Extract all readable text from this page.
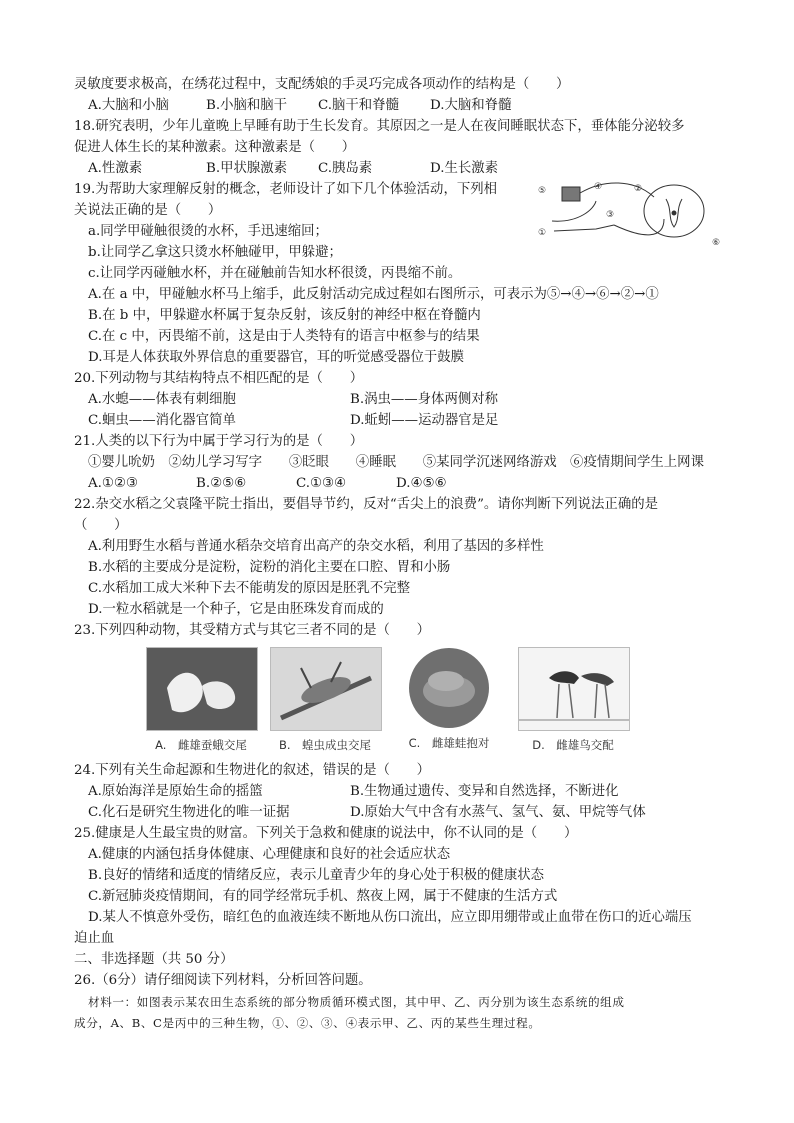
灵敏度要求极高，在绣花过程中，支配绣娘的手灵巧完成各项动作的结构是（　　）
A.大脑和小脑	B.小脑和脑干	C.脑干和脊髓	D.大脑和脊髓
18.研究表明，少年儿童晚上早睡有助于生长发育。其原因之一是人在夜间睡眠状态下，垂体能分泌较多
促进人体生长的某种激素。这种激素是（　　）
A.性激素	B.甲状腺激素	C.胰岛素	D.生长激素
⑤	④
③
②
①
⑥
19.为帮助大家理解反射的概念，老师设计了如下几个体验活动，下列相
关说法正确的是（　　）
a.同学甲碰触很烫的水杯，手迅速缩回；
b.让同学乙拿这只烫水杯触碰甲，甲躲避；
c.让同学丙碰触水杯，并在碰触前告知水杯很烫，丙畏缩不前。
A.在 a 中，甲碰触水杯马上缩手，此反射活动完成过程如右图所示，可表示为⑤→④→⑥→②→①
B.在 b 中，甲躲避水杯属于复杂反射，该反射的神经中枢在脊髓内
C.在 c 中，丙畏缩不前，这是由于人类特有的语言中枢参与的结果
D.耳是人体获取外界信息的重要器官，耳的听觉感受器位于鼓膜
20.下列动物与其结构特点不相匹配的是（　　）
A.水螅——体表有刺细胞	B.涡虫——身体两侧对称
C.蛔虫——消化器官简单	D.蚯蚓——运动器官是足
21.人类的以下行为中属于学习行为的是（　　）
①婴儿吮奶　②幼儿学习写字　　③眨眼　　④睡眠　　⑤某同学沉迷网络游戏　⑥疫情期间学生上网课
A.①②③	B.②⑤⑥	C.①③④	D.④⑤⑥
22.杂交水稻之父袁隆平院士指出，要倡导节约，反对“舌尖上的浪费”。请你判断下列说法正确的是
（　　）
A.利用野生水稻与普通水稻杂交培育出高产的杂交水稻，利用了基因的多样性
B.水稻的主要成分是淀粉，淀粉的消化主要在口腔、胃和小肠
C.水稻加工成大米种下去不能萌发的原因是胚乳不完整
D.一粒水稻就是一个种子，它是由胚珠发育而成的
23.下列四种动物，其受精方式与其它三者不同的是（　　）
A.　雌雄蚕蛾交尾	B.　蝗虫成虫交尾	C.　雌雄蛙抱对	D.　雌雄鸟交配
24.下列有关生命起源和生物进化的叙述，错误的是（　　）
A.原始海洋是原始生命的摇篮	B.生物通过遗传、变异和自然选择，不断进化
C.化石是研究生物进化的唯一证据	D.原始大气中含有水蒸气、氢气、氨、甲烷等气体
25.健康是人生最宝贵的财富。下列关于急救和健康的说法中，你不认同的是（　　）
A.健康的内涵包括身体健康、心理健康和良好的社会适应状态
B.良好的情绪和适度的情绪反应，表示儿童青少年的身心处于积极的健康状态
C.新冠肺炎疫情期间，有的同学经常玩手机、熬夜上网，属于不健康的生活方式
D.某人不慎意外受伤，暗红色的血液连续不断地从伤口流出，应立即用绷带或止血带在伤口的近心端压
迫止血
二、非选择题（共 50 分）
26.（6分）请仔细阅读下列材料，分析回答问题。
材料一：如图表示某农田生态系统的部分物质循环模式图，其中甲、乙、丙分别为该生态系统的组成
成分，A、B、C是丙中的三种生物，①、②、③、④表示甲、乙、丙的某些生理过程。
